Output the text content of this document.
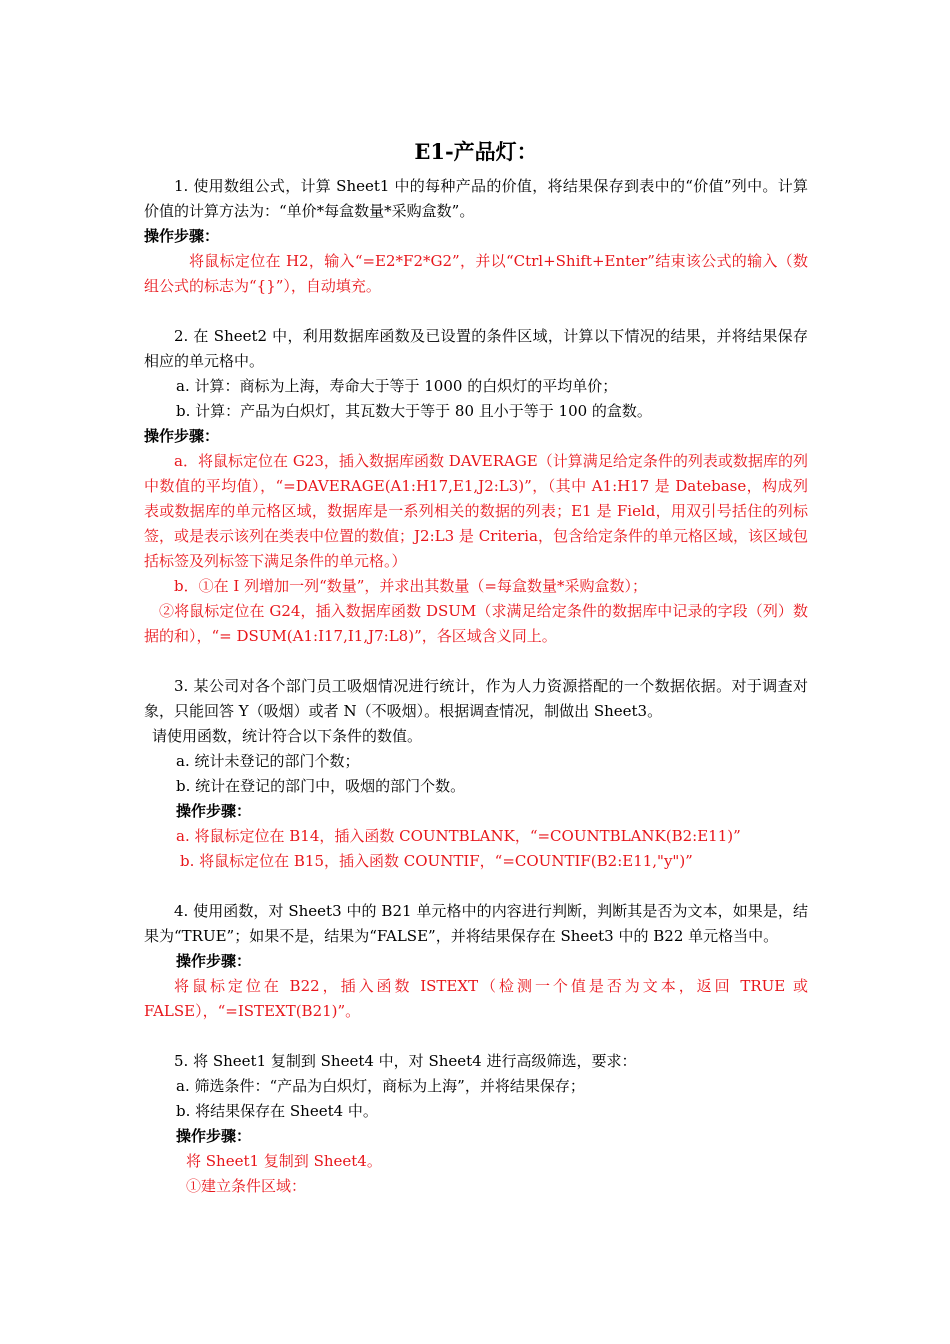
E1-产品灯：

1. 使用数组公式，计算 Sheet1 中的每种产品的价值，将结果保存到表中的“价值”列中。计算价值的计算方法为：“单价*每盒数量*采购盒数”。

操作步骤：

将鼠标定位在 H2，输入“=E2*F2*G2”，并以“Ctrl+Shift+Enter”结束该公式的输入（数组公式的标志为“{}”），自动填充。

2. 在 Sheet2 中，利用数据库函数及已设置的条件区域，计算以下情况的结果，并将结果保存相应的单元格中。

a. 计算：商标为上海，寿命大于等于 1000 的白炽灯的平均单价；

b. 计算：产品为白炽灯，其瓦数大于等于 80 且小于等于 100 的盒数。

操作步骤：

a．将鼠标定位在 G23，插入数据库函数 DAVERAGE（计算满足给定条件的列表或数据库的列中数值的平均值），“=DAVERAGE(A1:H17,E1,J2:L3)”，（其中 A1:H17 是 Datebase，构成列表或数据库的单元格区域，数据库是一系列相关的数据的列表；E1 是 Field，用双引号括住的列标签，或是表示该列在类表中位置的数值；J2:L3 是 Criteria，包含给定条件的单元格区域，该区域包括标签及列标签下满足条件的单元格。）

b．①在 I 列增加一列“数量”，并求出其数量（=每盒数量*采购盒数）；

②将鼠标定位在 G24，插入数据库函数 DSUM（求满足给定条件的数据库中记录的字段（列）数据的和），“= DSUM(A1:I17,I1,J7:L8)”，各区域含义同上。

3. 某公司对各个部门员工吸烟情况进行统计，作为人力资源搭配的一个数据依据。对于调查对象，只能回答 Y（吸烟）或者 N（不吸烟）。根据调查情况，制做出 Sheet3。

请使用函数，统计符合以下条件的数值。

a. 统计未登记的部门个数；

b. 统计在登记的部门中，吸烟的部门个数。

操作步骤：

a. 将鼠标定位在 B14，插入函数 COUNTBLANK，“=COUNTBLANK(B2:E11)”

b. 将鼠标定位在 B15，插入函数 COUNTIF，“=COUNTIF(B2:E11,"y")”

4. 使用函数，对 Sheet3 中的 B21 单元格中的内容进行判断，判断其是否为文本，如果是，结果为“TRUE”；如果不是，结果为“FALSE”，并将结果保存在 Sheet3 中的 B22 单元格当中。

操作步骤：

将鼠标定位在 B22，插入函数 ISTEXT（检测一个值是否为文本，返回 TRUE 或 FALSE），“=ISTEXT(B21)”。

5. 将 Sheet1 复制到 Sheet4 中，对 Sheet4 进行高级筛选，要求：

a. 筛选条件：“产品为白炽灯，商标为上海”，并将结果保存；

b. 将结果保存在 Sheet4 中。

操作步骤：

将 Sheet1 复制到 Sheet4。

①建立条件区域：
